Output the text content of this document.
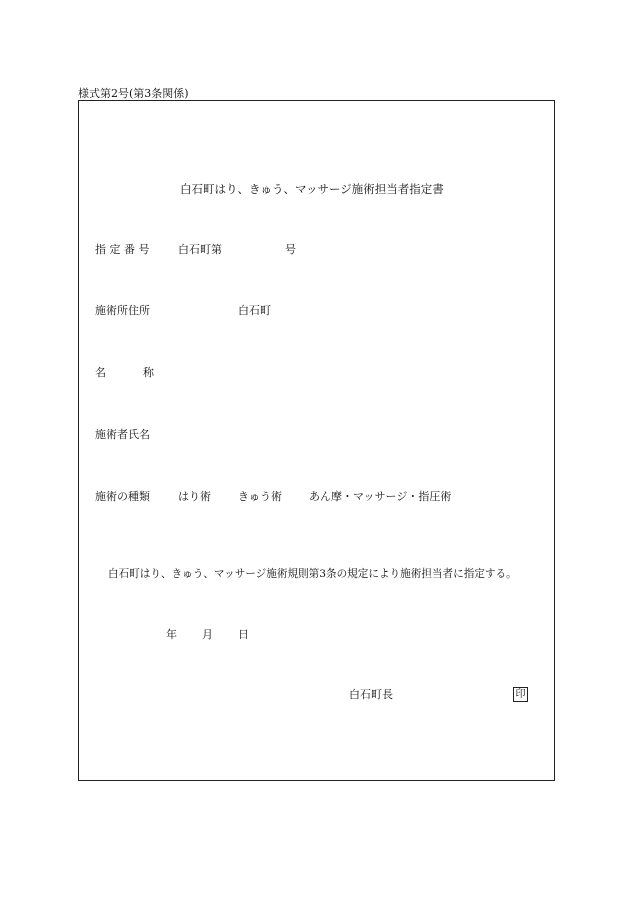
様式第2号(第3条関係)
白石町はり、きゅう、マッサージ施術担当者指定書
指 定 番 号	白石町第	号
施術所住所	白石町
名	称
施術者氏名
施術の種類	はり術 きゅう術 あん摩・マッサージ・指圧術
白石町はり、きゅう、マッサージ施術規則第3条の規定により施術担当者に指定する。
年 月 日
白石町長	印
